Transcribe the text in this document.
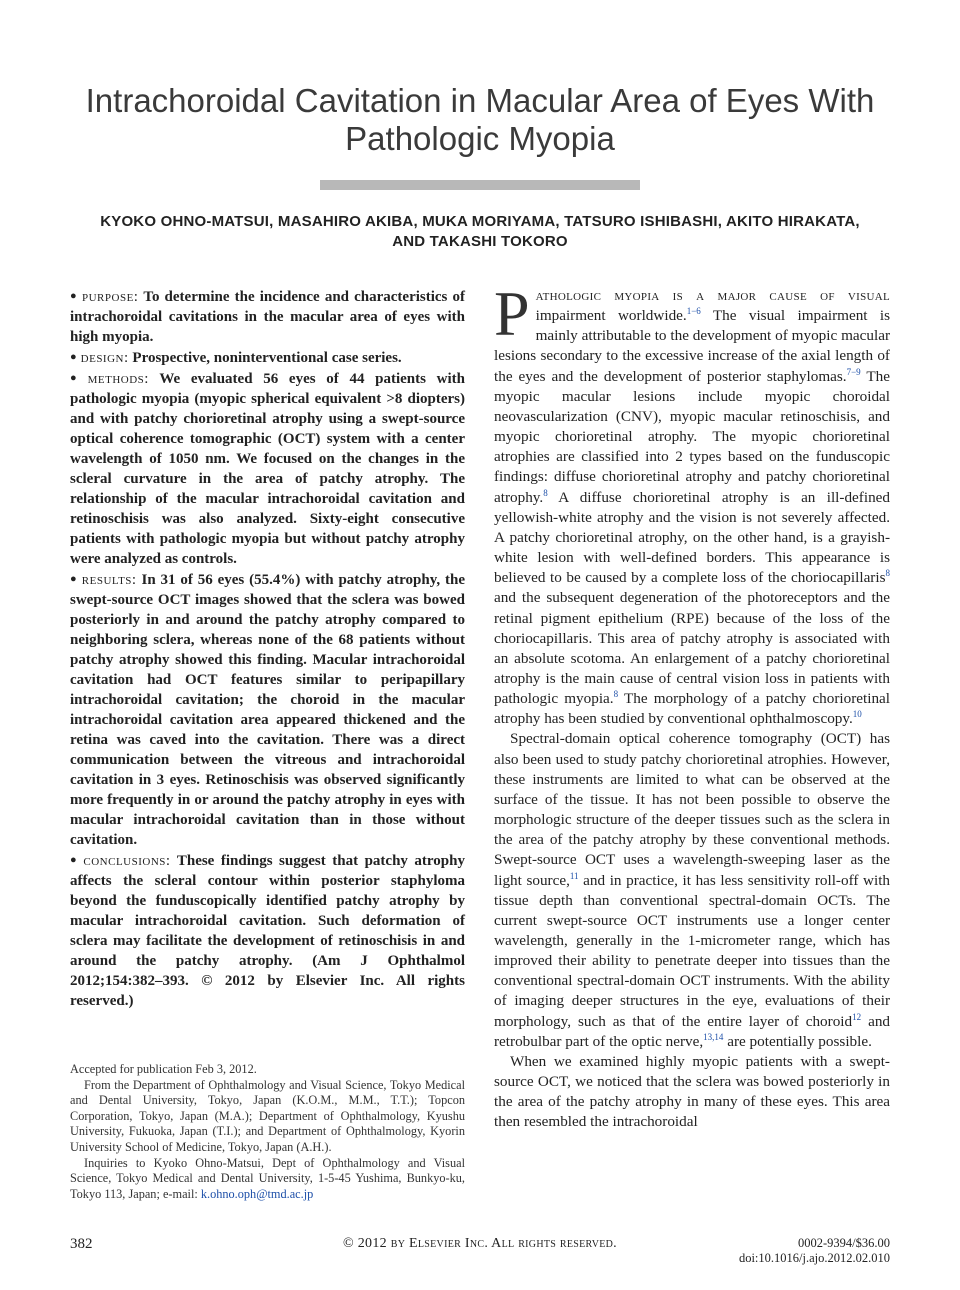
Intrachoroidal Cavitation in Macular Area of Eyes With
Pathologic Myopia
KYOKO OHNO-MATSUI, MASAHIRO AKIBA, MUKA MORIYAMA, TATSURO ISHIBASHI, AKITO HIRAKATA,
AND TAKASHI TOKORO

● purpose: To determine the incidence and characteristics of intrachoroidal cavitations in the macular area of eyes with high myopia.

● design: Prospective, noninterventional case series.

● methods: We evaluated 56 eyes of 44 patients with pathologic myopia (myopic spherical equivalent >8 diopters) and with patchy chorioretinal atrophy using a swept-source optical coherence tomographic (OCT) system with a center wavelength of 1050 nm. We focused on the changes in the scleral curvature in the area of patchy atrophy. The relationship of the macular intrachoroidal cavitation and retinoschisis was also analyzed. Sixty-eight consecutive patients with pathologic myopia but without patchy atrophy were analyzed as controls.

● results: In 31 of 56 eyes (55.4%) with patchy atrophy, the swept-source OCT images showed that the sclera was bowed posteriorly in and around the patchy atrophy compared to neighboring sclera, whereas none of the 68 patients without patchy atrophy showed this finding. Macular intrachoroidal cavitation had OCT features similar to peripapillary intrachoroidal cavitation; the choroid in the macular intrachoroidal cavitation area appeared thickened and the retina was caved into the cavitation. There was a direct communication between the vitreous and intrachoroidal cavitation in 3 eyes. Retinoschisis was observed significantly more frequently in or around the patchy atrophy in eyes with macular intrachoroidal cavitation than in those without cavitation.

● conclusions: These findings suggest that patchy atrophy affects the scleral contour within posterior staphyloma beyond the funduscopically identified patchy atrophy by macular intrachoroidal cavitation. Such deformation of sclera may facilitate the development of retinoschisis in and around the patchy atrophy. (Am J Ophthalmol 2012;154:382–393. © 2012 by Elsevier Inc. All rights reserved.)

Accepted for publication Feb 3, 2012.

From the Department of Ophthalmology and Visual Science, Tokyo Medical and Dental University, Tokyo, Japan (K.O.M., M.M., T.T.); Topcon Corporation, Tokyo, Japan (M.A.); Department of Ophthalmology, Kyushu University, Fukuoka, Japan (T.I.); and Department of Ophthalmology, Kyorin University School of Medicine, Tokyo, Japan (A.H.).

Inquiries to Kyoko Ohno-Matsui, Dept of Ophthalmology and Visual Science, Tokyo Medical and Dental University, 1-5-45 Yushima, Bunkyo-ku, Tokyo 113, Japan; e-mail: k.ohno.oph@tmd.ac.jp

Pathologic myopia is a major cause of visual impairment worldwide.$^{1-6}$ The visual impairment is mainly attributable to the development of myopic macular lesions secondary to the excessive increase of the axial length of the eyes and the development of posterior staphylomas.$^{7-9}$ The myopic macular lesions include myopic choroidal neovascularization (CNV), myopic macular retinoschisis, and myopic chorioretinal atrophy. The myopic chorioretinal atrophies are classified into 2 types based on the funduscopic findings: diffuse chorioretinal atrophy and patchy chorioretinal atrophy.$^8$ A diffuse chorioretinal atrophy is an ill-defined yellowish-white atrophy and the vision is not severely affected. A patchy chorioretinal atrophy, on the other hand, is a grayish-white lesion with well-defined borders. This appearance is believed to be caused by a complete loss of the choriocapillaris$^8$ and the subsequent degeneration of the photoreceptors and the retinal pigment epithelium (RPE) because of the loss of the choriocapillaris. This area of patchy atrophy is associated with an absolute scotoma. An enlargement of a patchy chorioretinal atrophy is the main cause of central vision loss in patients with pathologic myopia.$^8$ The morphology of a patchy chorioretinal atrophy has been studied by conventional ophthalmoscopy.$^{10}$

Spectral-domain optical coherence tomography (OCT) has also been used to study patchy chorioretinal atrophies. However, these instruments are limited to what can be observed at the surface of the tissue. It has not been possible to observe the morphologic structure of the deeper tissues such as the sclera in the area of the patchy atrophy by these conventional methods. Swept-source OCT uses a wavelength-sweeping laser as the light source,$^{11}$ and in practice, it has less sensitivity roll-off with tissue depth than conventional spectral-domain OCTs. The current swept-source OCT instruments use a longer center wavelength, generally in the 1-micrometer range, which has improved their ability to penetrate deeper into tissues than the conventional spectral-domain OCT instruments. With the ability of imaging deeper structures in the eye, evaluations of their morphology, such as that of the entire layer of choroid$^{12}$ and retrobulbar part of the optic nerve,$^{13,14}$ are potentially possible.

When we examined highly myopic patients with a swept-source OCT, we noticed that the sclera was bowed posteriorly in the area of the patchy atrophy in many of these eyes. This area then resembled the intrachoroidal

382	© 2012 by Elsevier Inc. All rights reserved.	0002-9394/$36.00
doi:10.1016/j.ajo.2012.02.010
